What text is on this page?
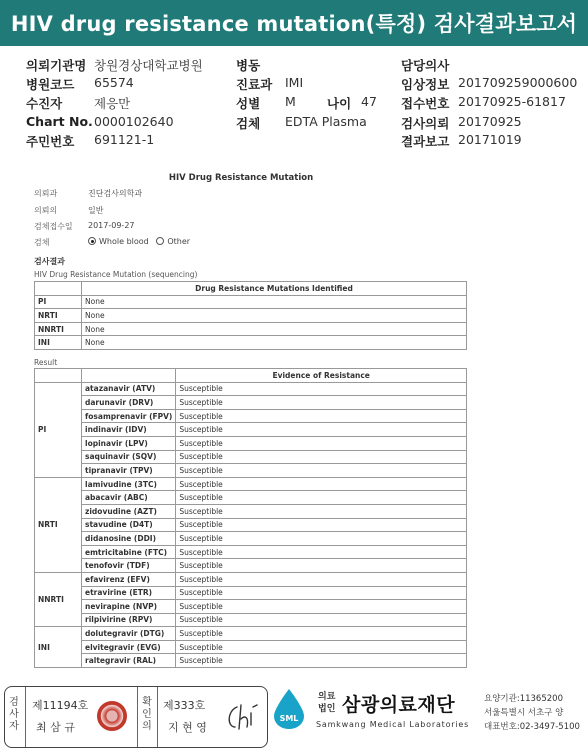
HIV drug resistance mutation(특정) 검사결과보고서
의뢰기관명 창원경상대학교병원
병원코드 65574
수진자	제응만
Chart No. 0000102640
주민번호 691121-1
병동
진료과 IMI
성별 M 나이 47
검체 EDTA Plasma
담당의사
임상정보 201709259000600
접수번호 20170925-61817
검사의뢰 20170925
결과보고 20171019
HIV Drug Resistance Mutation
의뢰과	진단검사의학과
의뢰의	일반
검체접수일 2017-09-27
검체	Whole blood Other
검사결과
HIV Drug Resistance Mutation (sequencing)
	Drug Resistance Mutations Identified
PI	None
NRTI	None
NNRTI	None
INI	None
Result
		Evidence of Resistance
PI	atazanavir (ATV)	Susceptible
	darunavir (DRV)	Susceptible
	fosamprenavir (FPV)	Susceptible
	indinavir (IDV)	Susceptible
	lopinavir (LPV)	Susceptible
	saquinavir (SQV)	Susceptible
	tipranavir (TPV)	Susceptible
NRTI	lamivudine (3TC)	Susceptible
	abacavir (ABC)	Susceptible
	zidovudine (AZT)	Susceptible
	stavudine (D4T)	Susceptible
	didanosine (DDI)	Susceptible
	emtricitabine (FTC)	Susceptible
	tenofovir (TDF)	Susceptible
NNRTI	efavirenz (EFV)	Susceptible
	etravirine (ETR)	Susceptible
	nevirapine (NVP)	Susceptible
	rilpivirine (RPV)	Susceptible
INI	dolutegravir (DTG)	Susceptible
	elvitegravir (EVG)	Susceptible
	raltegravir (RAL)	Susceptible
검사자
제11194호
최 삼 규
확인의
제333호
지 현 영
SML
의료
법인 삼광의료재단
Samkwang Medical Laboratories
요양기관:11365200
서울특별시 서초구 양
대표번호:02-3497-5100
